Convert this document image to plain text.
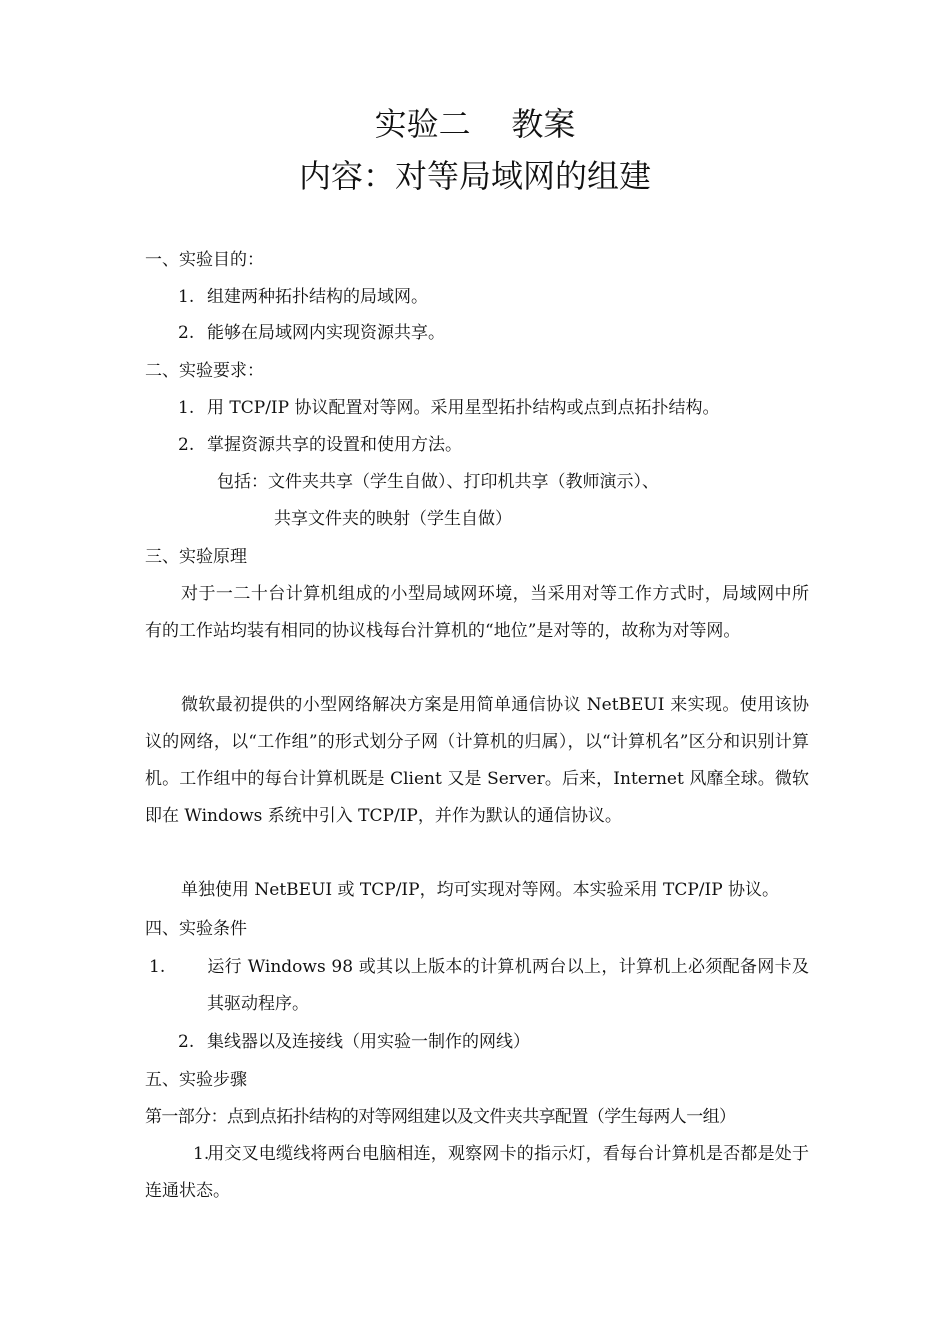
实验二    教案
内容：对等局域网的组建
一、实验目的：
1. 组建两种拓扑结构的局域网。
2. 能够在局域网内实现资源共享。
二、实验要求：
1. 用 TCP/IP 协议配置对等网。采用星型拓扑结构或点到点拓扑结构。
2. 掌握资源共享的设置和使用方法。
包括：文件夹共享（学生自做）、打印机共享（教师演示）、
共享文件夹的映射（学生自做）
三、实验原理
对于一二十台计算机组成的小型局域网环境，当采用对等工作方式时，局域网中所有的工作站均装有相同的协议栈每台汁算机的“地位”是对等的，故称为对等网。
微软最初提供的小型网络解决方案是用简单通信协议 NetBEUI 来实现。使用该协议的网络，以“工作组”的形式划分子网（计算机的归属），以“计算机名”区分和识别计算机。工作组中的每台计算机既是 Client 又是 Server。后来，Internet 风靡全球。微软即在 Windows 系统中引入 TCP/IP，并作为默认的通信协议。
单独使用 NetBEUI 或 TCP/IP，均可实现对等网。本实验采用 TCP/IP 协议。
四、实验条件
1. 运行 Windows 98 或其以上版本的计算机两台以上，计算机上必须配备网卡及其驱动程序。
2. 集线器以及连接线（用实验一制作的网线）
五、实验步骤
第一部分：点到点拓扑结构的对等网组建以及文件夹共享配置（学生每两人一组）
1.用交叉电缆线将两台电脑相连，观察网卡的指示灯，看每台计算机是否都是处于连通状态。
